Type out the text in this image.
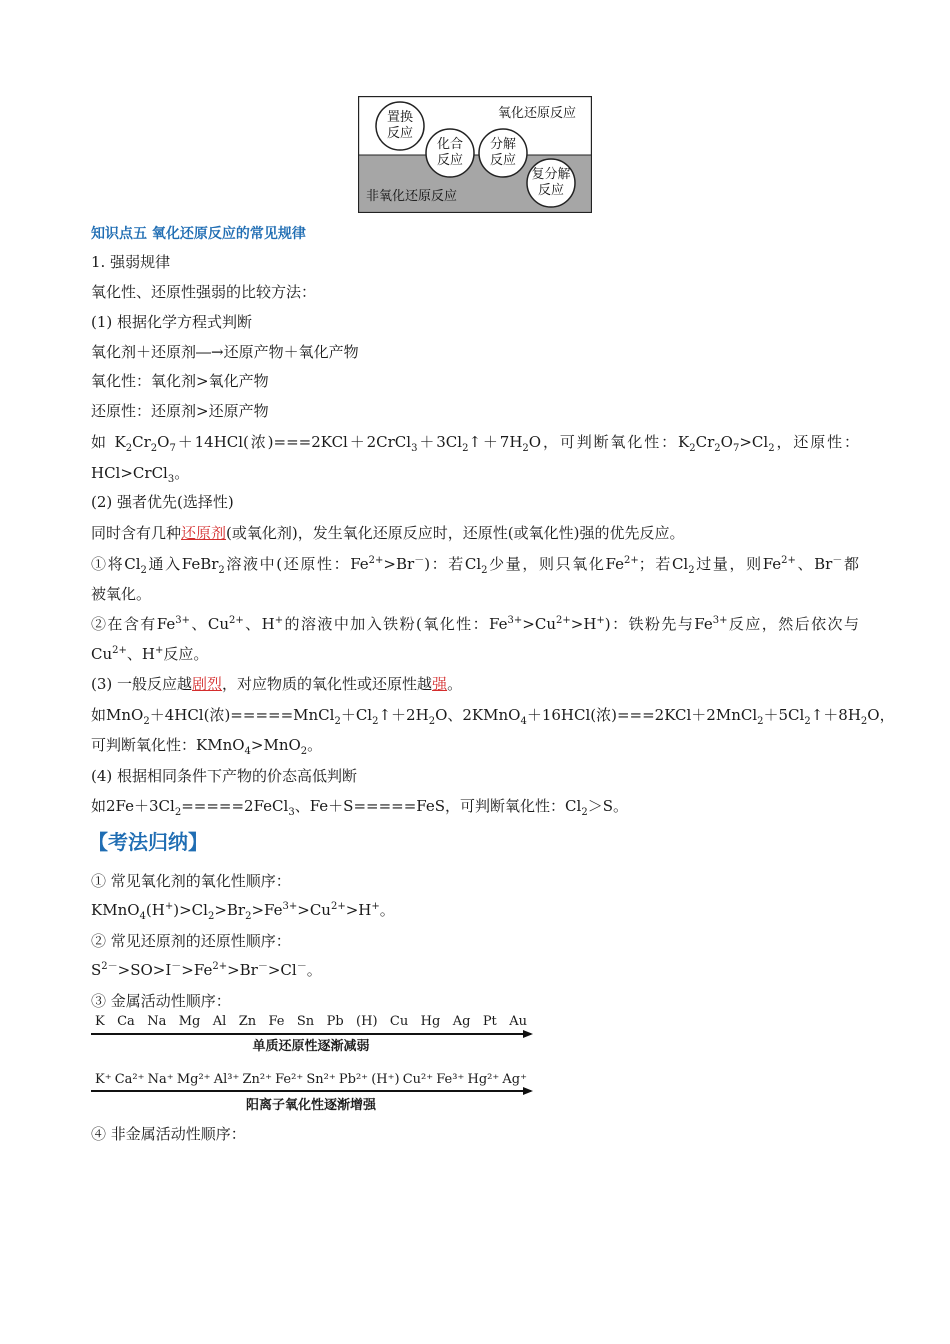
氧化还原反应
非氧化还原反应
置换
反应
化合
反应
分解
反应
复分解
反应
知识点五 氧化还原反应的常见规律
1. 强弱规律
氧化性、还原性强弱的比较方法：
(1) 根据化学方程式判断
氧化剂＋还原剂―→还原产物＋氧化产物
氧化性：氧化剂>氧化产物
还原性：还原剂>还原产物
如 $K_2Cr_2O_7+14HCl$(浓)$===2KCl+2CrCl_3+3Cl_2↑+7H_2O$，可判断氧化性：$K_2Cr_2O_7>Cl_2$，还原性：
HCl>CrCl$_3$。
(2) 强者优先(选择性)
同时含有几种还原剂(或氧化剂)，发生氧化还原反应时，还原性(或氧化性)强的优先反应。
①将$Cl_2$通入FeBr$_2$溶液中(还原性：$Fe^{2+}>Br^-$)：若$Cl_2$少量，则只氧化$Fe^{2+}$；若$Cl_2$过量，则$Fe^{2+}$、Br－都
被氧化。
②在含有$Fe^{3+}$、$Cu^{2+}$、H+的溶液中加入铁粉(氧化性：$Fe^{3+}>Cu^{2+}>H^+$)：铁粉先与$Fe^{3+}$反应，然后依次与
$Cu^{2+}$、H+反应。
(3) 一般反应越剧烈，对应物质的氧化性或还原性越强。
如MnO$_2$＋4HCl(浓)$=====MnCl_2+Cl_2↑+2H_2O$、2KMnO$_4$＋16HCl(浓)$===2KCl+2MnCl_2+5Cl_2↑+8H_2O$，
可判断氧化性：KMnO$_4$>MnO$_2$。
(4) 根据相同条件下产物的价态高低判断
如$2Fe+3Cl_2=====2FeCl_3$、Fe＋S=====FeS，可判断氧化性：$Cl_2>S$。
【考法归纳】
① 常见氧化剂的氧化性顺序：
$KMnO_4(H^+)>Cl_2>Br_2>Fe^{3+}>Cu^{2+}>H^+$。
② 常见还原剂的还原性顺序：
$S^{2-}>SO>I^->Fe^{2+}>Br^->Cl^-$。
③ 金属活动性顺序：
K Ca Na Mg Al Zn Fe Sn Pb (H) Cu Hg Ag Pt Au
单质还原性逐渐减弱
K⁺ Ca²⁺ Na⁺ Mg²⁺ Al³⁺ Zn²⁺ Fe²⁺ Sn²⁺ Pb²⁺ (H⁺) Cu²⁺ Fe³⁺ Hg²⁺ Ag⁺
阳离子氧化性逐渐增强
④ 非金属活动性顺序：
